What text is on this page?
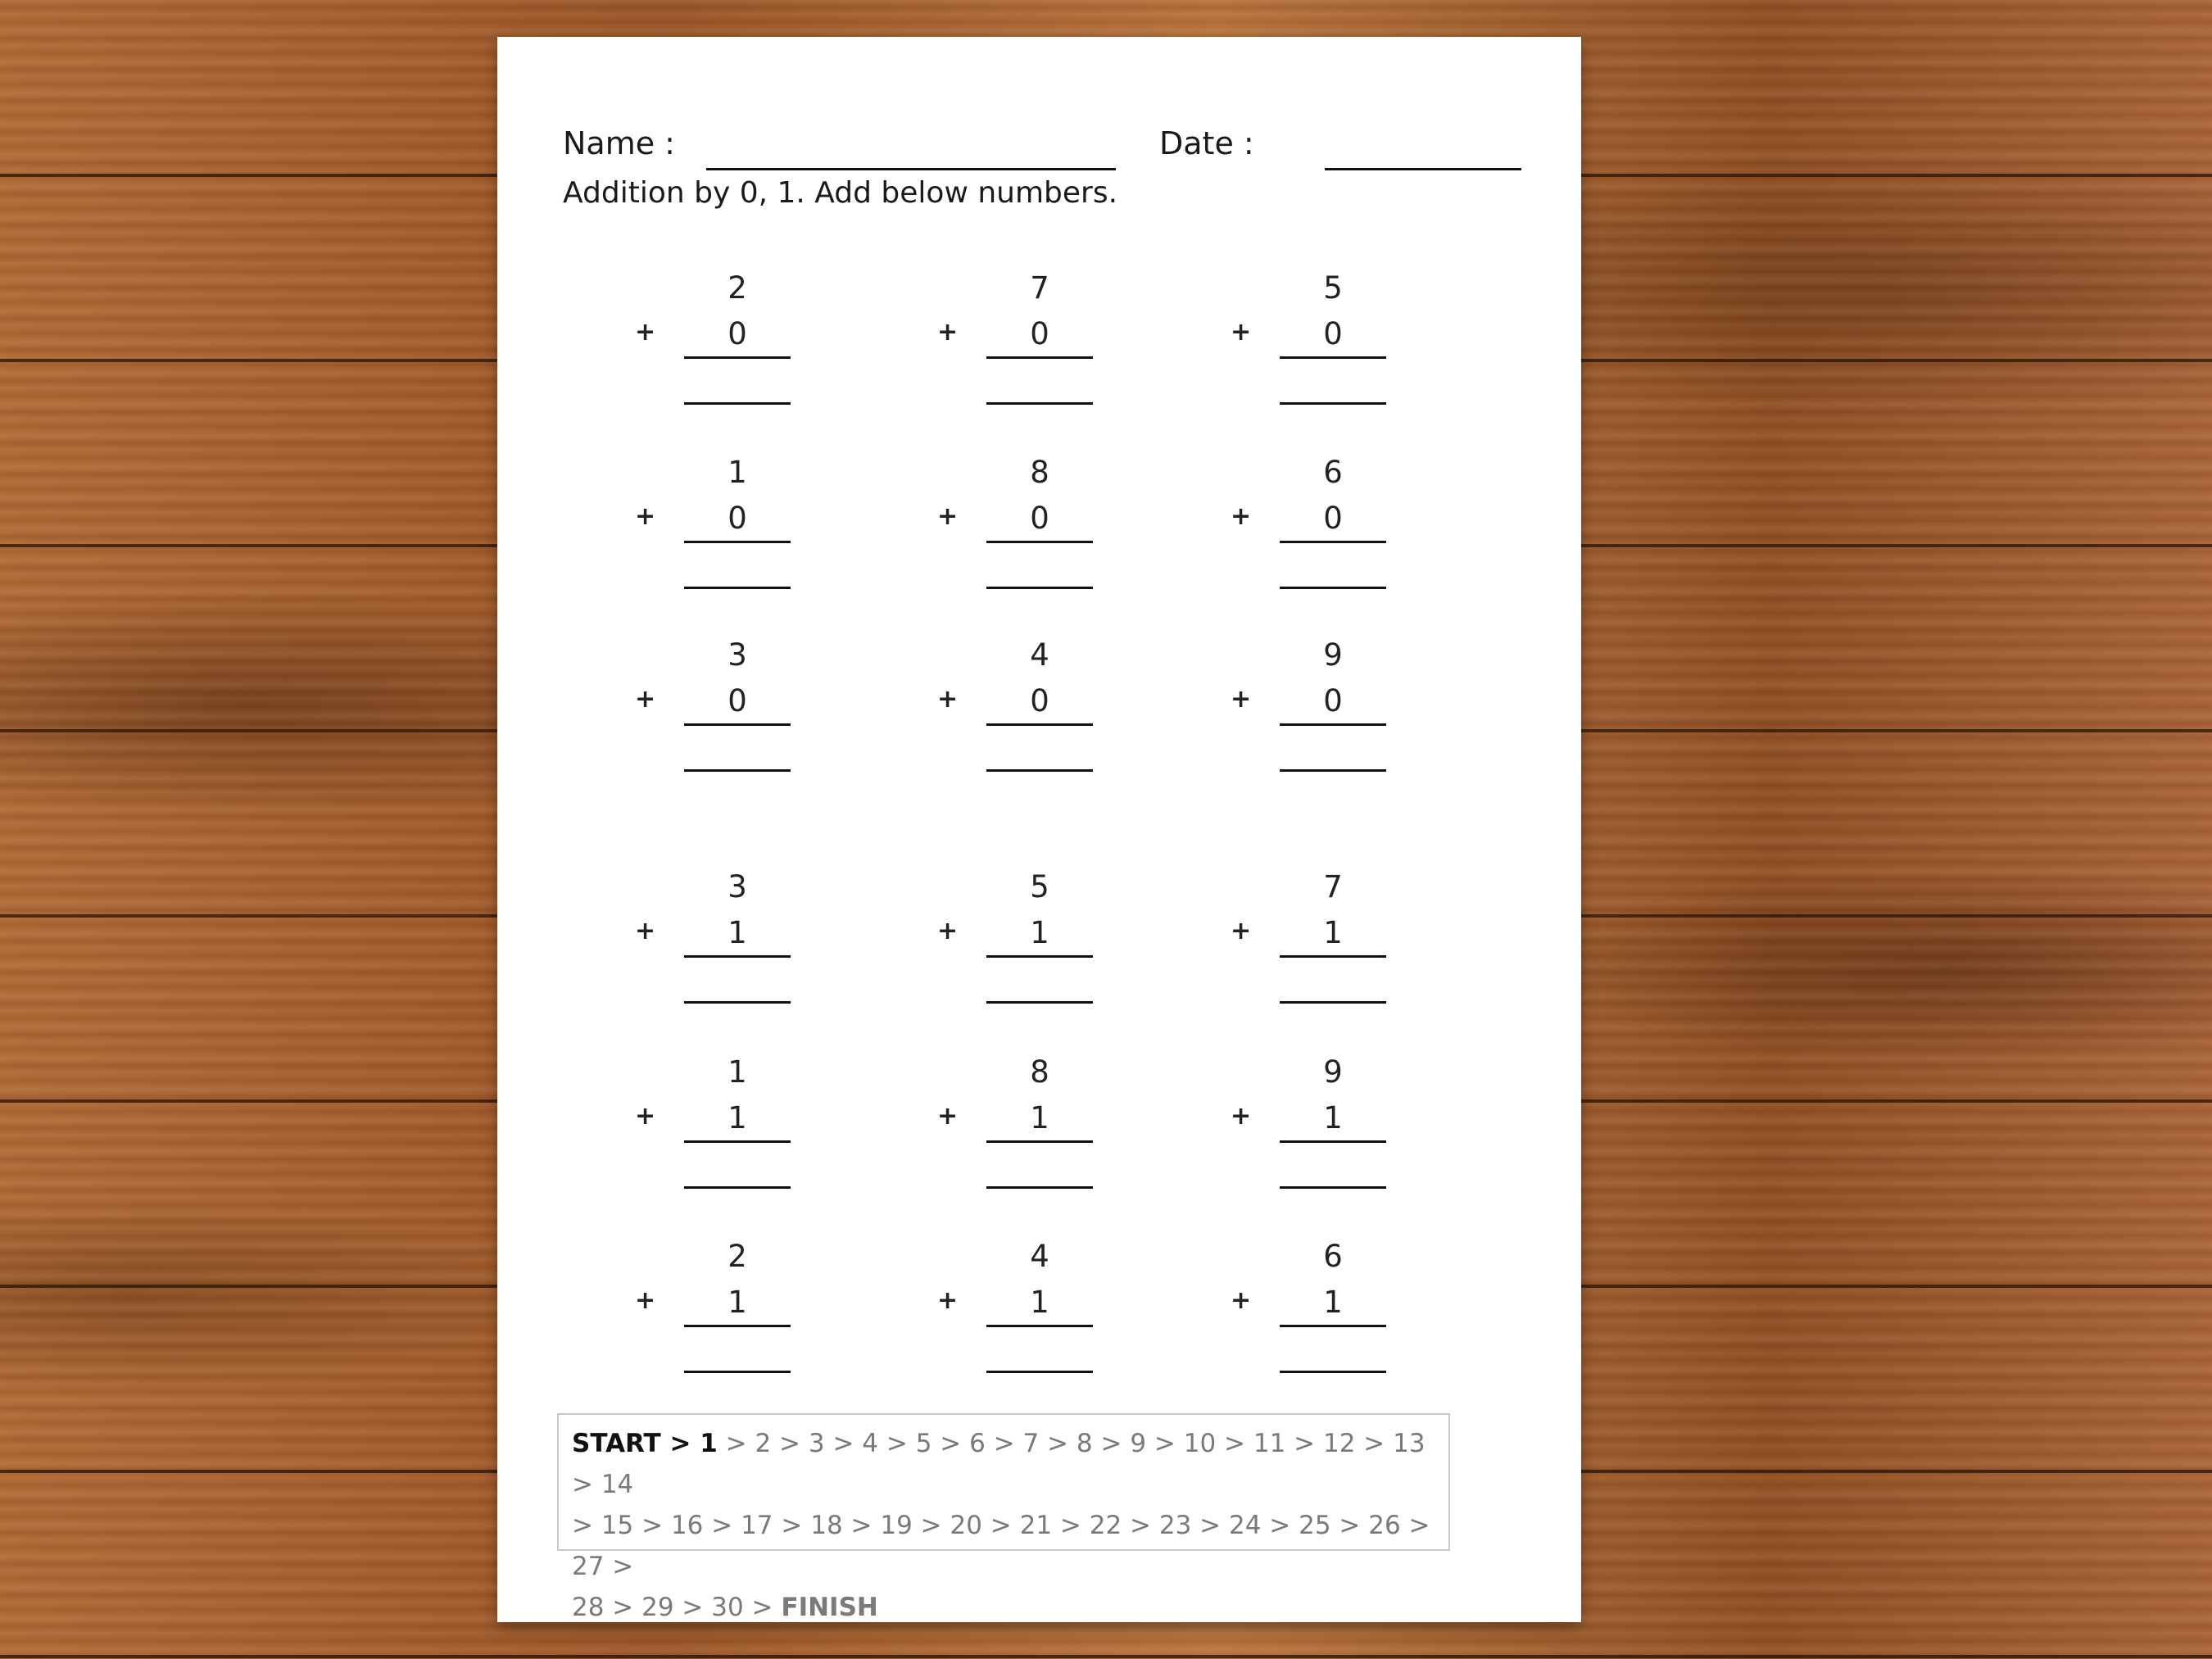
Name :	Date :
Addition by 0, 1. Add below numbers.
2
+	0
7
+	0
5
+	0
1
+	0
8
+	0
6
+	0
3
+	0
4
+	0
9
+	0
3
+	1
5
+	1
7
+	1
1
+	1
8
+	1
9
+	1
2
+	1
4
+	1
6
+	1
START > 1 > 2 > 3 > 4 > 5 > 6 > 7 > 8 > 9 > 10 > 11 > 12 > 13 > 14
> 15 > 16 > 17 > 18 > 19 > 20 > 21 > 22 > 23 > 24 > 25 > 26 > 27 >
28 > 29 > 30 > FINISH
